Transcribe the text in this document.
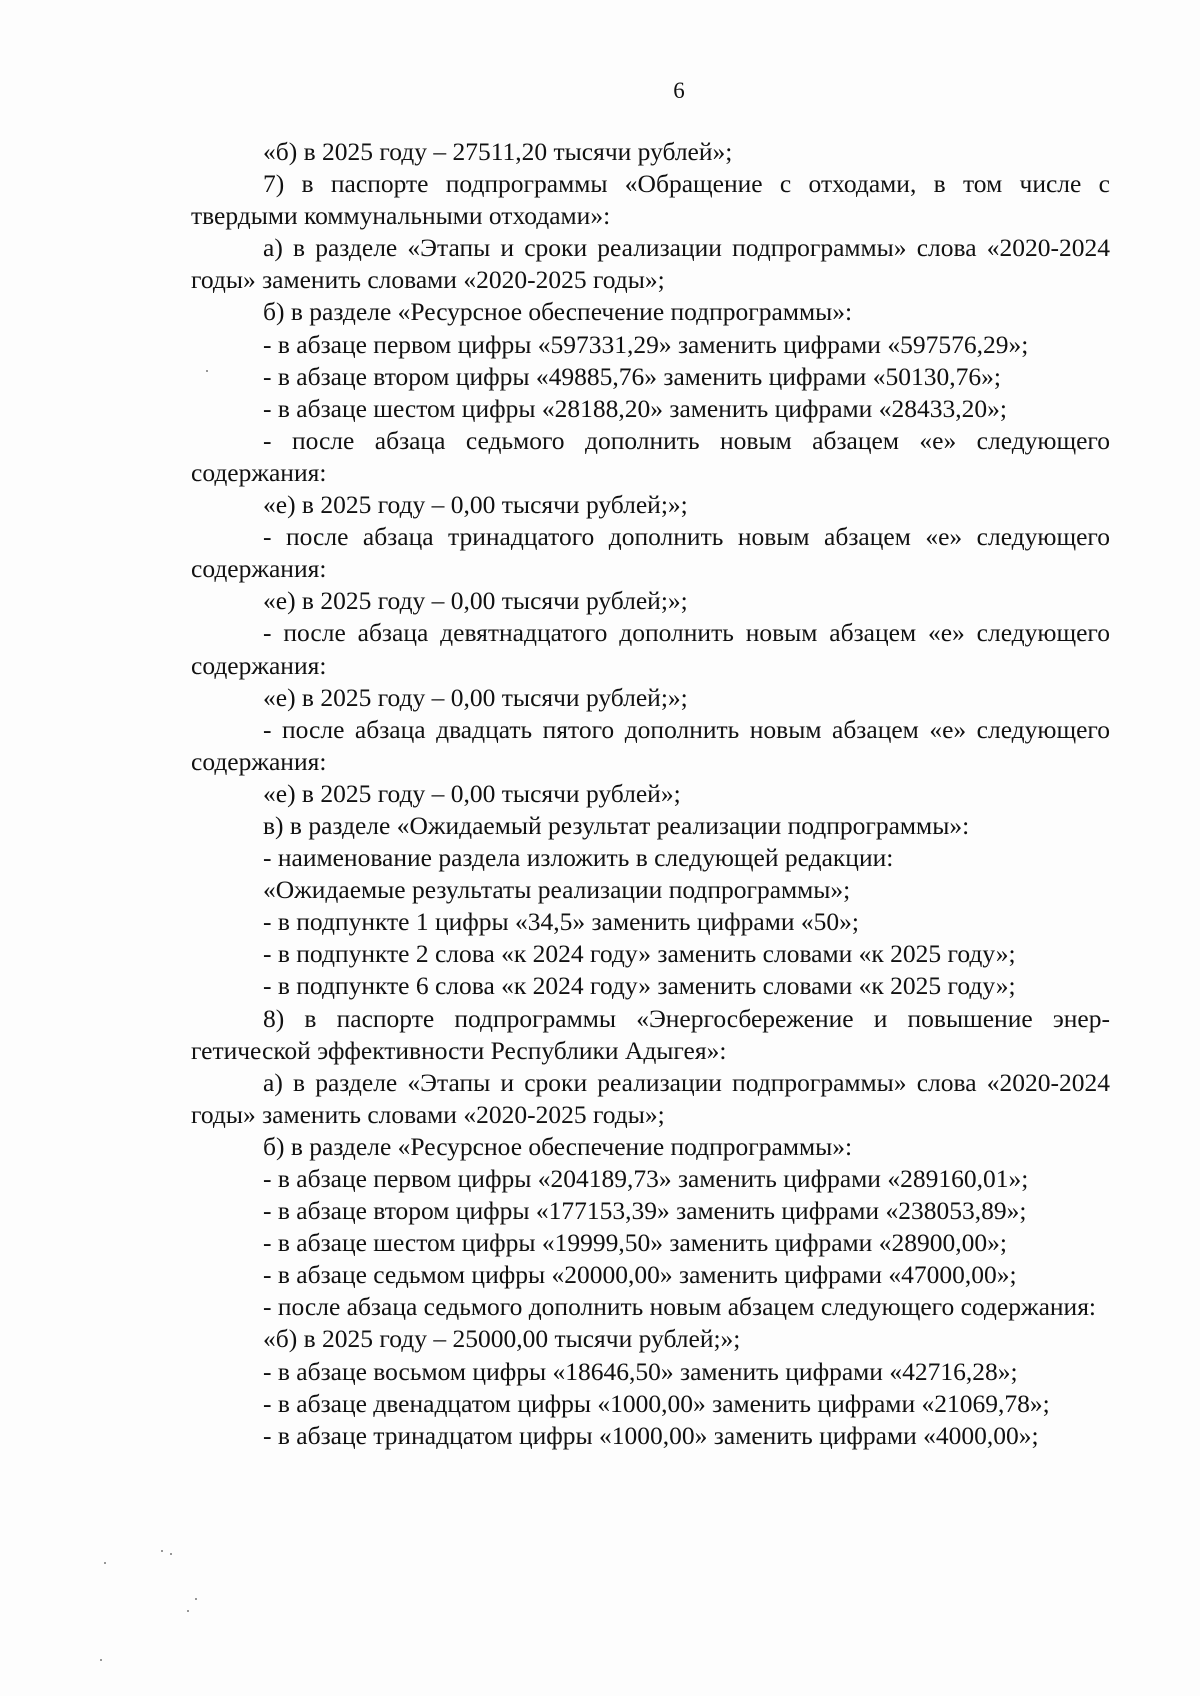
6

«б) в 2025 году – 27511,20 тысячи рублей»;

7) в паспорте подпрограммы «Обращение с отходами, в том числе с твердыми коммунальными отходами»:

а) в разделе «Этапы и сроки реализации подпрограммы» слова «2020-2024 годы» заменить словами «2020-2025 годы»;

б) в разделе «Ресурсное обеспечение подпрограммы»:

- в абзаце первом цифры «597331,29» заменить цифрами «597576,29»;

- в абзаце втором цифры «49885,76» заменить цифрами «50130,76»;

- в абзаце шестом цифры «28188,20» заменить цифрами «28433,20»;

- после абзаца седьмого дополнить новым абзацем «е» следующего содержания:

«е) в 2025 году – 0,00 тысячи рублей;»;

- после абзаца тринадцатого дополнить новым абзацем «е» следующего содержания:

«е) в 2025 году – 0,00 тысячи рублей;»;

- после абзаца девятнадцатого дополнить новым абзацем «е» следующего содержания:

«е) в 2025 году – 0,00 тысячи рублей;»;

- после абзаца двадцать пятого дополнить новым абзацем «е» следующего содержания:

«е) в 2025 году – 0,00 тысячи рублей»;

в) в разделе «Ожидаемый результат реализации подпрограммы»:

- наименование раздела изложить в следующей редакции:

«Ожидаемые результаты реализации подпрограммы»;

- в подпункте 1 цифры «34,5» заменить цифрами «50»;

- в подпункте 2 слова «к 2024 году» заменить словами «к 2025 году»;

- в подпункте 6 слова «к 2024 году» заменить словами «к 2025 году»;

8) в паспорте подпрограммы «Энергосбережение и повышение энергетической эффективности Республики Адыгея»:

а) в разделе «Этапы и сроки реализации подпрограммы» слова «2020-2024 годы» заменить словами «2020-2025 годы»;

б) в разделе «Ресурсное обеспечение подпрограммы»:

- в абзаце первом цифры «204189,73» заменить цифрами «289160,01»;

- в абзаце втором цифры «177153,39» заменить цифрами «238053,89»;

- в абзаце шестом цифры «19999,50» заменить цифрами «28900,00»;

- в абзаце седьмом цифры «20000,00» заменить цифрами «47000,00»;

- после абзаца седьмого дополнить новым абзацем следующего содержания:

«б) в 2025 году – 25000,00 тысячи рублей;»;

- в абзаце восьмом цифры «18646,50» заменить цифрами «42716,28»;

- в абзаце двенадцатом цифры «1000,00» заменить цифрами «21069,78»;

- в абзаце тринадцатом цифры «1000,00» заменить цифрами «4000,00»;
